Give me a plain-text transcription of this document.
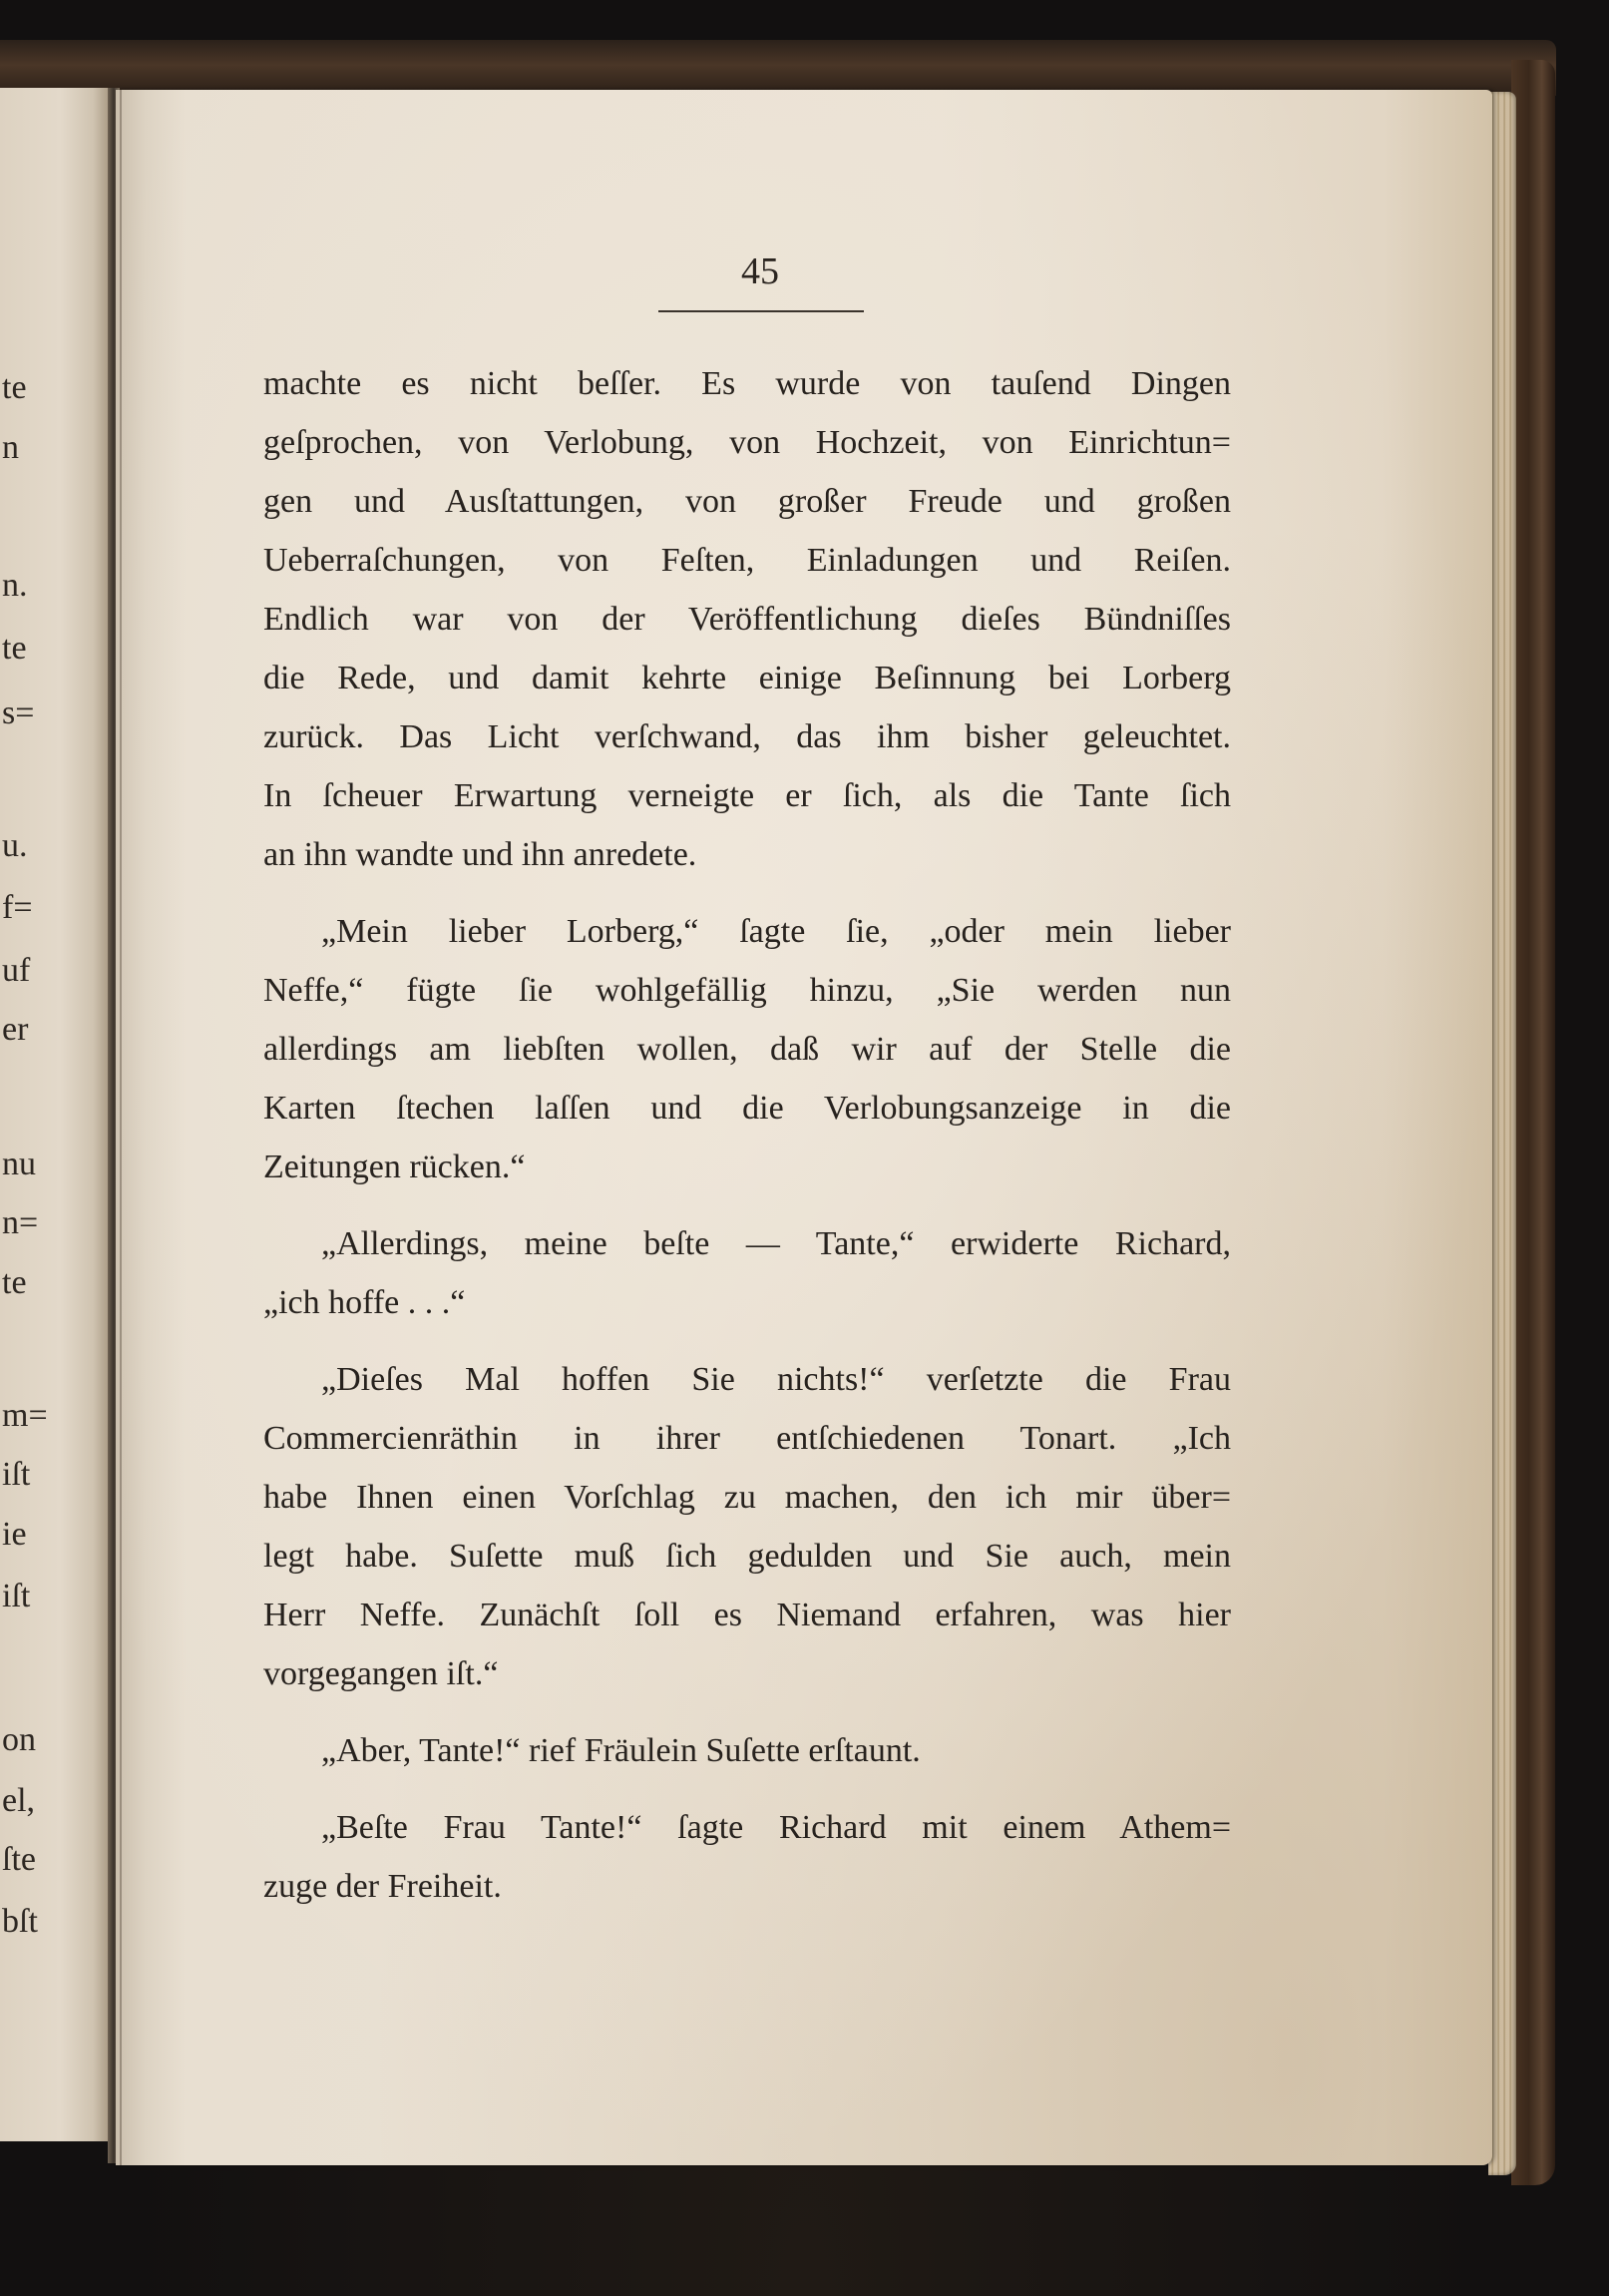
te
n
n.
te
s=
u.
f=
uf
er
nu
n=
te
m=
iſt
ie
iſt
on
el,
ſte
bſt
45
machte es nicht beſſer. Es wurde von tauſend Dingen
geſprochen, von Verlobung, von Hochzeit, von Einrichtun=
gen und Ausſtattungen, von großer Freude und großen
Ueberraſchungen, von Feſten, Einladungen und Reiſen.
Endlich war von der Veröffentlichung dieſes Bündniſſes
die Rede, und damit kehrte einige Beſinnung bei Lorberg
zurück. Das Licht verſchwand, das ihm bisher geleuchtet.
In ſcheuer Erwartung verneigte er ſich, als die Tante ſich
an ihn wandte und ihn anredete.
„Mein lieber Lorberg,“ ſagte ſie, „oder mein lieber
Neffe,“ fügte ſie wohlgefällig hinzu, „Sie werden nun
allerdings am liebſten wollen, daß wir auf der Stelle die
Karten ſtechen laſſen und die Verlobungsanzeige in die
Zeitungen rücken.“
„Allerdings, meine beſte — Tante,“ erwiderte Richard,
„ich hoffe . . .“
„Dieſes Mal hoffen Sie nichts!“ verſetzte die Frau
Commercienräthin in ihrer entſchiedenen Tonart. „Ich
habe Ihnen einen Vorſchlag zu machen, den ich mir über=
legt habe. Suſette muß ſich gedulden und Sie auch, mein
Herr Neffe. Zunächſt ſoll es Niemand erfahren, was hier
vorgegangen iſt.“
„Aber, Tante!“ rief Fräulein Suſette erſtaunt.
„Beſte Frau Tante!“ ſagte Richard mit einem Athem=
zuge der Freiheit.
